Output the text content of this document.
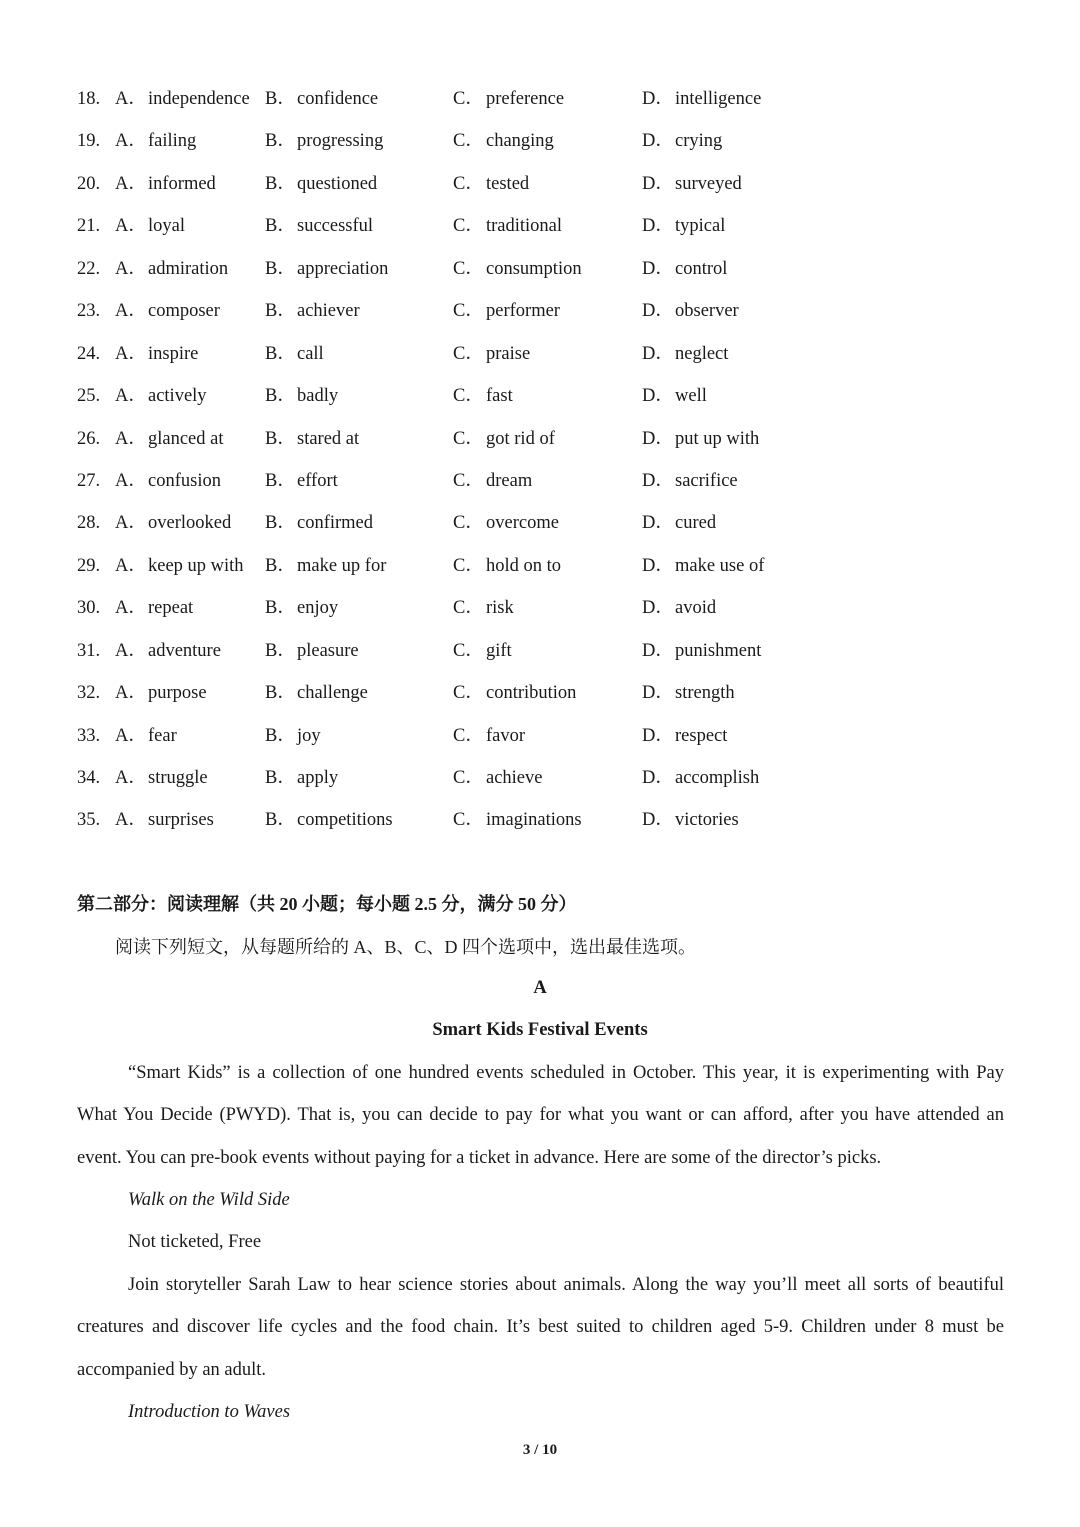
18. A． independence B． confidence	C． preference	D． intelligence
19. A． failing	B． progressing	C． changing	D． crying
20. A． informed	B． questioned	C． tested	D． surveyed
21. A． loyal	B． successful	C． traditional	D． typical
22. A． admiration B． appreciation	C． consumption	D． control
23. A． composer B． achiever	C． performer	D． observer
24. A． inspire	B． call	C． praise	D． neglect
25. A． actively	B． badly	C． fast	D． well
26. A． glanced at B． stared at	C． got rid of	D． put up with
27. A． confusion B． effort	C． dream	D． sacrifice
28. A． overlooked B． confirmed	C． overcome	D． cured
29. A． keep up with B． make up for	C． hold on to	D． make use of
30. A． repeat	B． enjoy	C． risk	D． avoid
31. A． adventure B． pleasure	C． gift	D． punishment
32. A． purpose	B． challenge	C． contribution	D． strength
33. A． fear	B． joy	C． favor	D． respect
34. A． struggle	B． apply	C． achieve	D． accomplish
35. A． surprises	B． competitions	C． imaginations	D． victories
第二部分：阅读理解（共 20 小题；每小题 2.5 分，满分 50 分）
阅读下列短文，从每题所给的 A、B、C、D 四个选项中，选出最佳选项。
A
Smart Kids Festival Events
“Smart Kids” is a collection of one hundred events scheduled in October. This year, it is experimenting with Pay
What You Decide (PWYD). That is, you can decide to pay for what you want or can afford, after you have attended an
event. You can pre-book events without paying for a ticket in advance. Here are some of the director’s picks.
Walk on the Wild Side
Not ticketed, Free
Join storyteller Sarah Law to hear science stories about animals. Along the way you’ll meet all sorts of beautiful
creatures and discover life cycles and the food chain. It’s best suited to children aged 5-9. Children under 8 must be
accompanied by an adult.
Introduction to Waves
3 / 10
